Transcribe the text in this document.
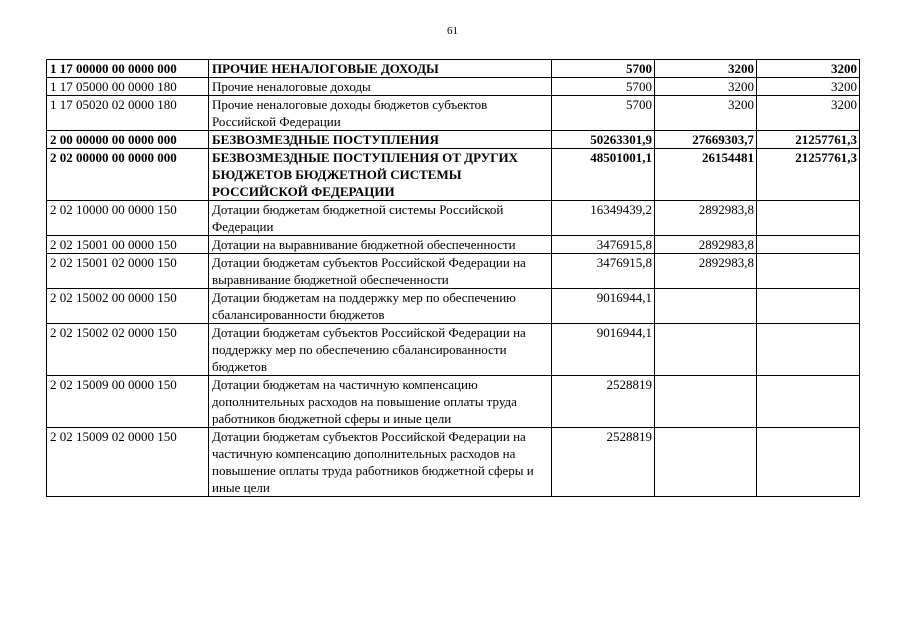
61
1 17 00000 00 0000 000	ПРОЧИЕ НЕНАЛОГОВЫЕ ДОХОДЫ	5700	3200	3200
1 17 05000 00 0000 180	Прочие неналоговые доходы	5700	3200	3200
1 17 05020 02 0000 180	Прочие неналоговые доходы бюджетов субъектов Российской Федерации	5700	3200	3200
2 00 00000 00 0000 000	БЕЗВОЗМЕЗДНЫЕ ПОСТУПЛЕНИЯ	50263301,9	27669303,7	21257761,3
2 02 00000 00 0000 000	БЕЗВОЗМЕЗДНЫЕ ПОСТУПЛЕНИЯ ОТ ДРУГИХ БЮДЖЕТОВ БЮДЖЕТНОЙ СИСТЕМЫ РОССИЙСКОЙ ФЕДЕРАЦИИ	48501001,1	26154481	21257761,3
2 02 10000 00 0000 150	Дотации бюджетам бюджетной системы Российской Федерации	16349439,2	2892983,8	
2 02 15001 00 0000 150	Дотации на выравнивание бюджетной обеспеченности	3476915,8	2892983,8	
2 02 15001 02 0000 150	Дотации бюджетам субъектов Российской Федерации на выравнивание бюджетной обеспеченности	3476915,8	2892983,8	
2 02 15002 00 0000 150	Дотации бюджетам на поддержку мер по обеспечению сбалансированности бюджетов	9016944,1		
2 02 15002 02 0000 150	Дотации бюджетам субъектов Российской Федерации на поддержку мер по обеспечению сбалансированности бюджетов	9016944,1		
2 02 15009 00 0000 150	Дотации бюджетам на частичную компенсацию дополнительных расходов на повышение оплаты труда работников бюджетной сферы и иные цели	2528819		
2 02 15009 02 0000 150	Дотации бюджетам субъектов Российской Федерации на частичную компенсацию дополнительных расходов на повышение оплаты труда работников бюджетной сферы и иные цели	2528819		
